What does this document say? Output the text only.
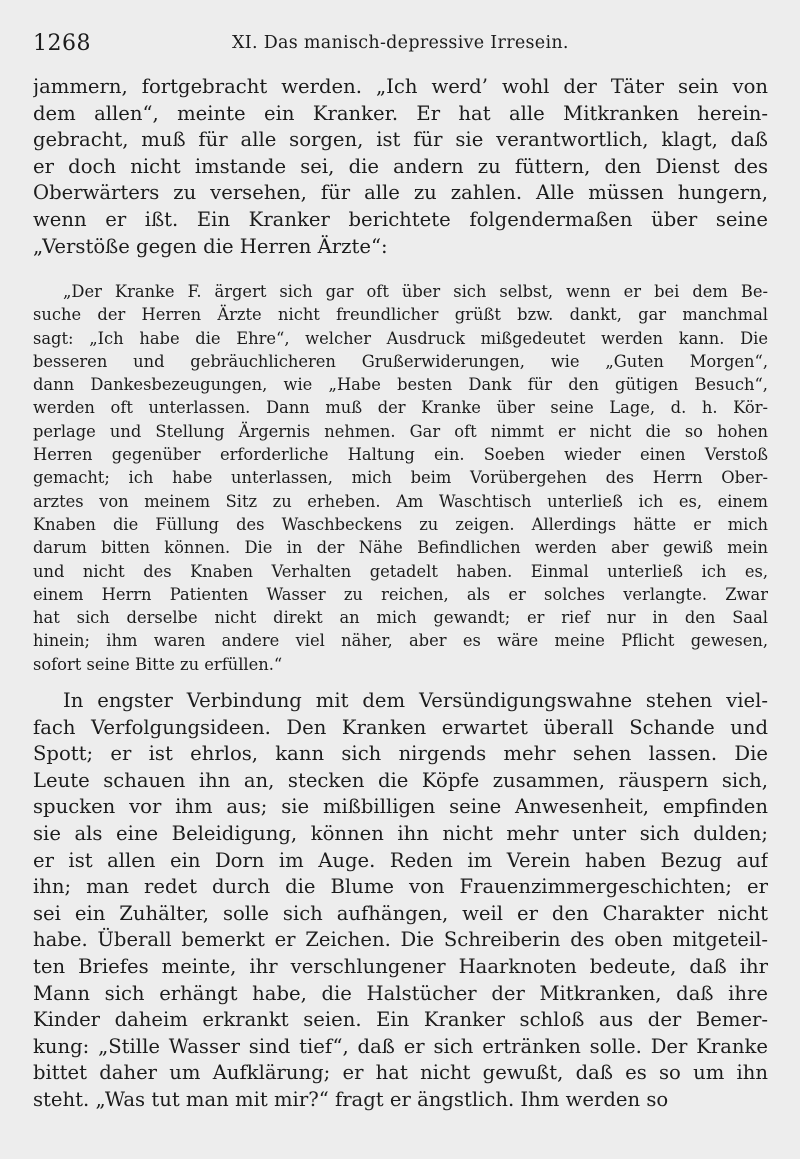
1268	XI. Das manisch-depressive Irresein.
jammern, fortgebracht werden. „Ich werd’ wohl der Täter sein von
dem allen“, meinte ein Kranker. Er hat alle Mitkranken herein-
gebracht, muß für alle sorgen, ist für sie verantwortlich, klagt, daß
er doch nicht imstande sei, die andern zu füttern, den Dienst des
Oberwärters zu versehen, für alle zu zahlen. Alle müssen hungern,
wenn er ißt. Ein Kranker berichtete folgendermaßen über seine
„Verstöße gegen die Herren Ärzte“:
„Der Kranke F. ärgert sich gar oft über sich selbst, wenn er bei dem Be-
suche der Herren Ärzte nicht freundlicher grüßt bzw. dankt, gar manchmal
sagt: „Ich habe die Ehre“, welcher Ausdruck mißgedeutet werden kann. Die
besseren und gebräuchlicheren Grußerwiderungen, wie „Guten Morgen“,
dann Dankesbezeugungen, wie „Habe besten Dank für den gütigen Besuch“,
werden oft unterlassen. Dann muß der Kranke über seine Lage, d. h. Kör-
perlage und Stellung Ärgernis nehmen. Gar oft nimmt er nicht die so hohen
Herren gegenüber erforderliche Haltung ein. Soeben wieder einen Verstoß
gemacht; ich habe unterlassen, mich beim Vorübergehen des Herrn Ober-
arztes von meinem Sitz zu erheben. Am Waschtisch unterließ ich es, einem
Knaben die Füllung des Waschbeckens zu zeigen. Allerdings hätte er mich
darum bitten können. Die in der Nähe Befindlichen werden aber gewiß mein
und nicht des Knaben Verhalten getadelt haben. Einmal unterließ ich es,
einem Herrn Patienten Wasser zu reichen, als er solches verlangte. Zwar
hat sich derselbe nicht direkt an mich gewandt; er rief nur in den Saal
hinein; ihm waren andere viel näher, aber es wäre meine Pflicht gewesen,
sofort seine Bitte zu erfüllen.“
In engster Verbindung mit dem Versündigungswahne stehen viel-
fach Verfolgungsideen. Den Kranken erwartet überall Schande und
Spott; er ist ehrlos, kann sich nirgends mehr sehen lassen. Die
Leute schauen ihn an, stecken die Köpfe zusammen, räuspern sich,
spucken vor ihm aus; sie mißbilligen seine Anwesenheit, empfinden
sie als eine Beleidigung, können ihn nicht mehr unter sich dulden;
er ist allen ein Dorn im Auge. Reden im Verein haben Bezug auf
ihn; man redet durch die Blume von Frauenzimmergeschichten; er
sei ein Zuhälter, solle sich aufhängen, weil er den Charakter nicht
habe. Überall bemerkt er Zeichen. Die Schreiberin des oben mitgeteil-
ten Briefes meinte, ihr verschlungener Haarknoten bedeute, daß ihr
Mann sich erhängt habe, die Halstücher der Mitkranken, daß ihre
Kinder daheim erkrankt seien. Ein Kranker schloß aus der Bemer-
kung: „Stille Wasser sind tief“, daß er sich ertränken solle. Der Kranke
bittet daher um Aufklärung; er hat nicht gewußt, daß es so um ihn
steht. „Was tut man mit mir?“ fragt er ängstlich. Ihm werden so
